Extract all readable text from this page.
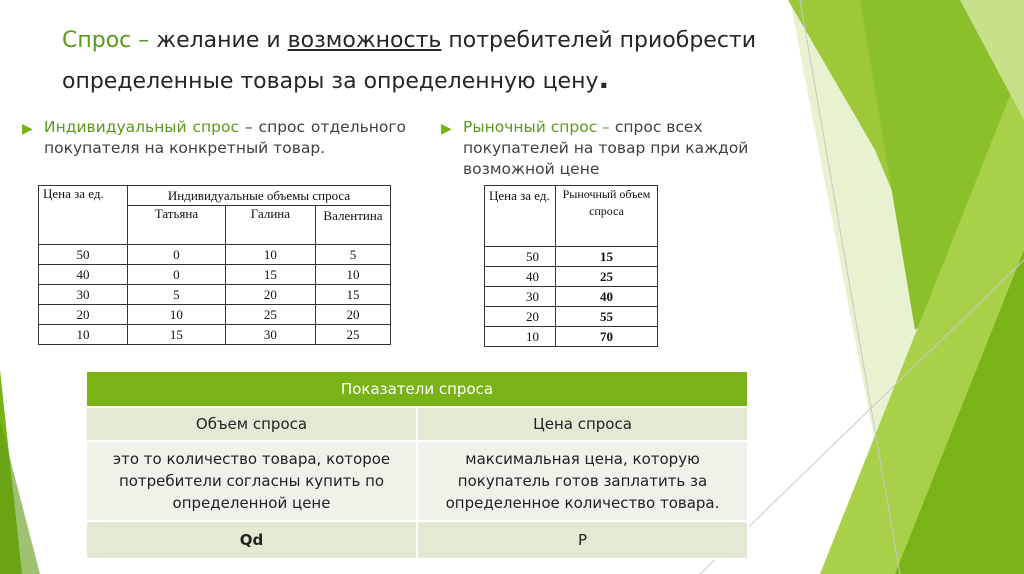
Спрос – желание и возможность потребителей приобрести определенные товары за определенную цену.
▶ Индивидуальный спрос – спрос отдельного покупателя на конкретный товар.
▶ Рыночный спрос – спрос всех покупателей на товар при каждой возможной цене
Цена за ед.	Индивидуальные объемы спроса		
	Татьяна	Галина	Валентина
50	0	10	5
40	0	15	10
30	5	20	15
20	10	25	20
10	15	30	25
Цена за ед.	Рыночный объем спроса
50	15
40	25
30	40
20	55
10	70
Показатели спроса	
Объем спроса	Цена спроса
это то количество товара, которое потребители согласны купить по определенной цене	максимальная цена, которую покупатель готов заплатить за определенное количество товара.
Qd	P
